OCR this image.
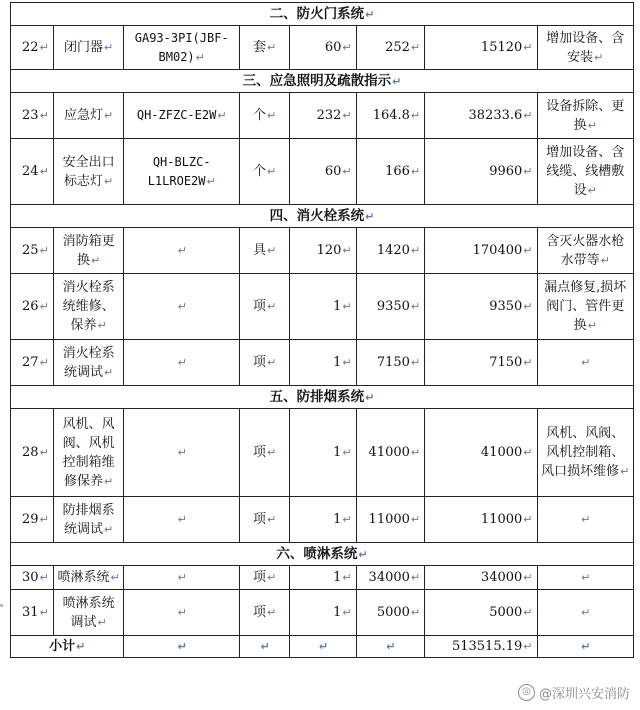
二、防火门系统↵							
22↵	闭门器↵	GA93-3PI(JBF-BM02)↵	套↵	60↵	252↵	15120↵	增加设备、含安装↵
三、应急照明及疏散指示↵							
23↵	应急灯↵	QH-ZFZC-E2W↵	个↵	232↵	164.8↵	38233.6↵	设备拆除、更换↵
24↵	安全出口标志灯↵	QH-BLZC-L1LROE2W↵	个↵	60↵	166↵	9960↵	增加设备、含线缆、线槽敷设↵
四、消火栓系统↵							
25↵	消防箱更换↵	↵	具↵	120↵	1420↵	170400↵	含灭火器水枪水带等↵
26↵	消火栓系统维修、保养↵	↵	项↵	1↵	9350↵	9350↵	漏点修复,损坏阀门、管件更换↵
27↵	消火栓系统调试↵	↵	项↵	1↵	7150↵	7150↵	↵
五、防排烟系统↵							
28↵	风机、风阀、风机控制箱维修保养↵	↵	项↵	1↵	41000↵	41000↵	风机、风阀、风机控制箱、风口损坏维修↵
29↵	防排烟系统调试↵	↵	项↵	1↵	11000↵	11000↵	↵
六、喷淋系统↵							
30↵	喷淋系统↵	↵	项↵	1↵	34000↵	34000↵	↵
31↵	喷淋系统调试↵	↵	项↵	1↵	5000↵	5000↵	↵
小计↵		↵	↵	↵	↵	513515.19↵	↵
◎ @深圳兴安消防
